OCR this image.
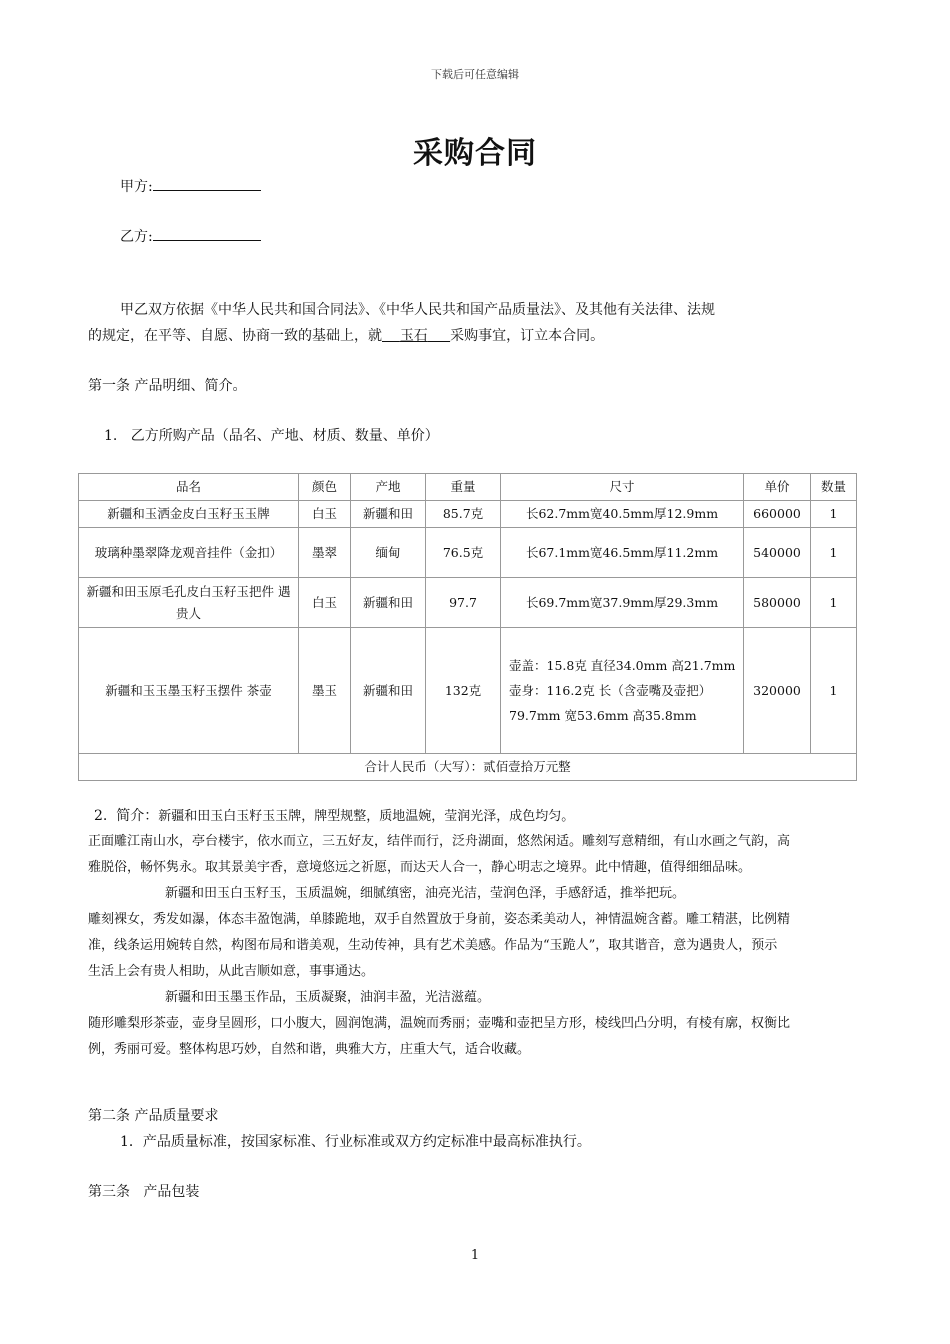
下载后可任意编辑
采购合同
甲方:
乙方:
甲乙双方依据《中华人民共和国合同法》、《中华人民共和国产品质量法》、及其他有关法律、法规
的规定，在平等、自愿、协商一致的基础上，就 玉石 采购事宜，订立本合同。
第一条 产品明细、简介。
1.   乙方所购产品（品名、产地、材质、数量、单价）
品名	颜色	产地	重量	尺寸	单价	数量
新疆和玉洒金皮白玉籽玉玉牌	白玉	新疆和田	85.7克	长62.7mm宽40.5mm厚12.9mm	660000	1
玻璃种墨翠降龙观音挂件（金扣）	墨翠	缅甸	76.5克	长67.1mm宽46.5mm厚11.2mm	540000	1
新疆和田玉原毛孔皮白玉籽玉把件 遇贵人	白玉	新疆和田	97.7	长69.7mm宽37.9mm厚29.3mm	580000	1
新疆和玉玉墨玉籽玉摆件 茶壶	墨玉	新疆和田	132克	壶盖：15.8克 直径34.0mm 高21.7mm
壶身：116.2克 长（含壶嘴及壶把）79.7mm 宽53.6mm 高35.8mm	320000	1
合计人民币（大写）：贰佰壹拾万元整						
2.  简介：新疆和田玉白玉籽玉玉牌，牌型规整，质地温婉，莹润光泽，成色均匀。
正面雕江南山水，亭台楼宇，依水而立，三五好友，结伴而行，泛舟湖面，悠然闲适。雕刻写意精细，有山水画之气韵，高
雅脱俗，畅怀隽永。取其景美宇香，意境悠远之祈愿，而达天人合一，静心明志之境界。此中情趣，值得细细品味。
新疆和田玉白玉籽玉，玉质温婉，细腻缜密，油亮光洁，莹润色泽，手感舒适，推举把玩。
雕刻裸女，秀发如瀑，体态丰盈饱满，单膝跪地，双手自然置放于身前，姿态柔美动人，神情温婉含蓄。雕工精湛，比例精
准，线条运用婉转自然，构图布局和谐美观，生动传神，具有艺术美感。作品为“玉跪人”，取其谐音，意为遇贵人，预示
生活上会有贵人相助，从此吉顺如意，事事通达。
新疆和田玉墨玉作品，玉质凝聚，油润丰盈，光洁滋蕴。
随形雕梨形茶壶，壶身呈圆形，口小腹大，圆润饱满，温婉而秀丽；壶嘴和壶把呈方形，棱线凹凸分明，有棱有廓，权衡比
例，秀丽可爱。整体构思巧妙，自然和谐，典雅大方，庄重大气，适合收藏。
第二条 产品质量要求
1．产品质量标准，按国家标准、行业标准或双方约定标准中最高标准执行。
第三条   产品包装
1
